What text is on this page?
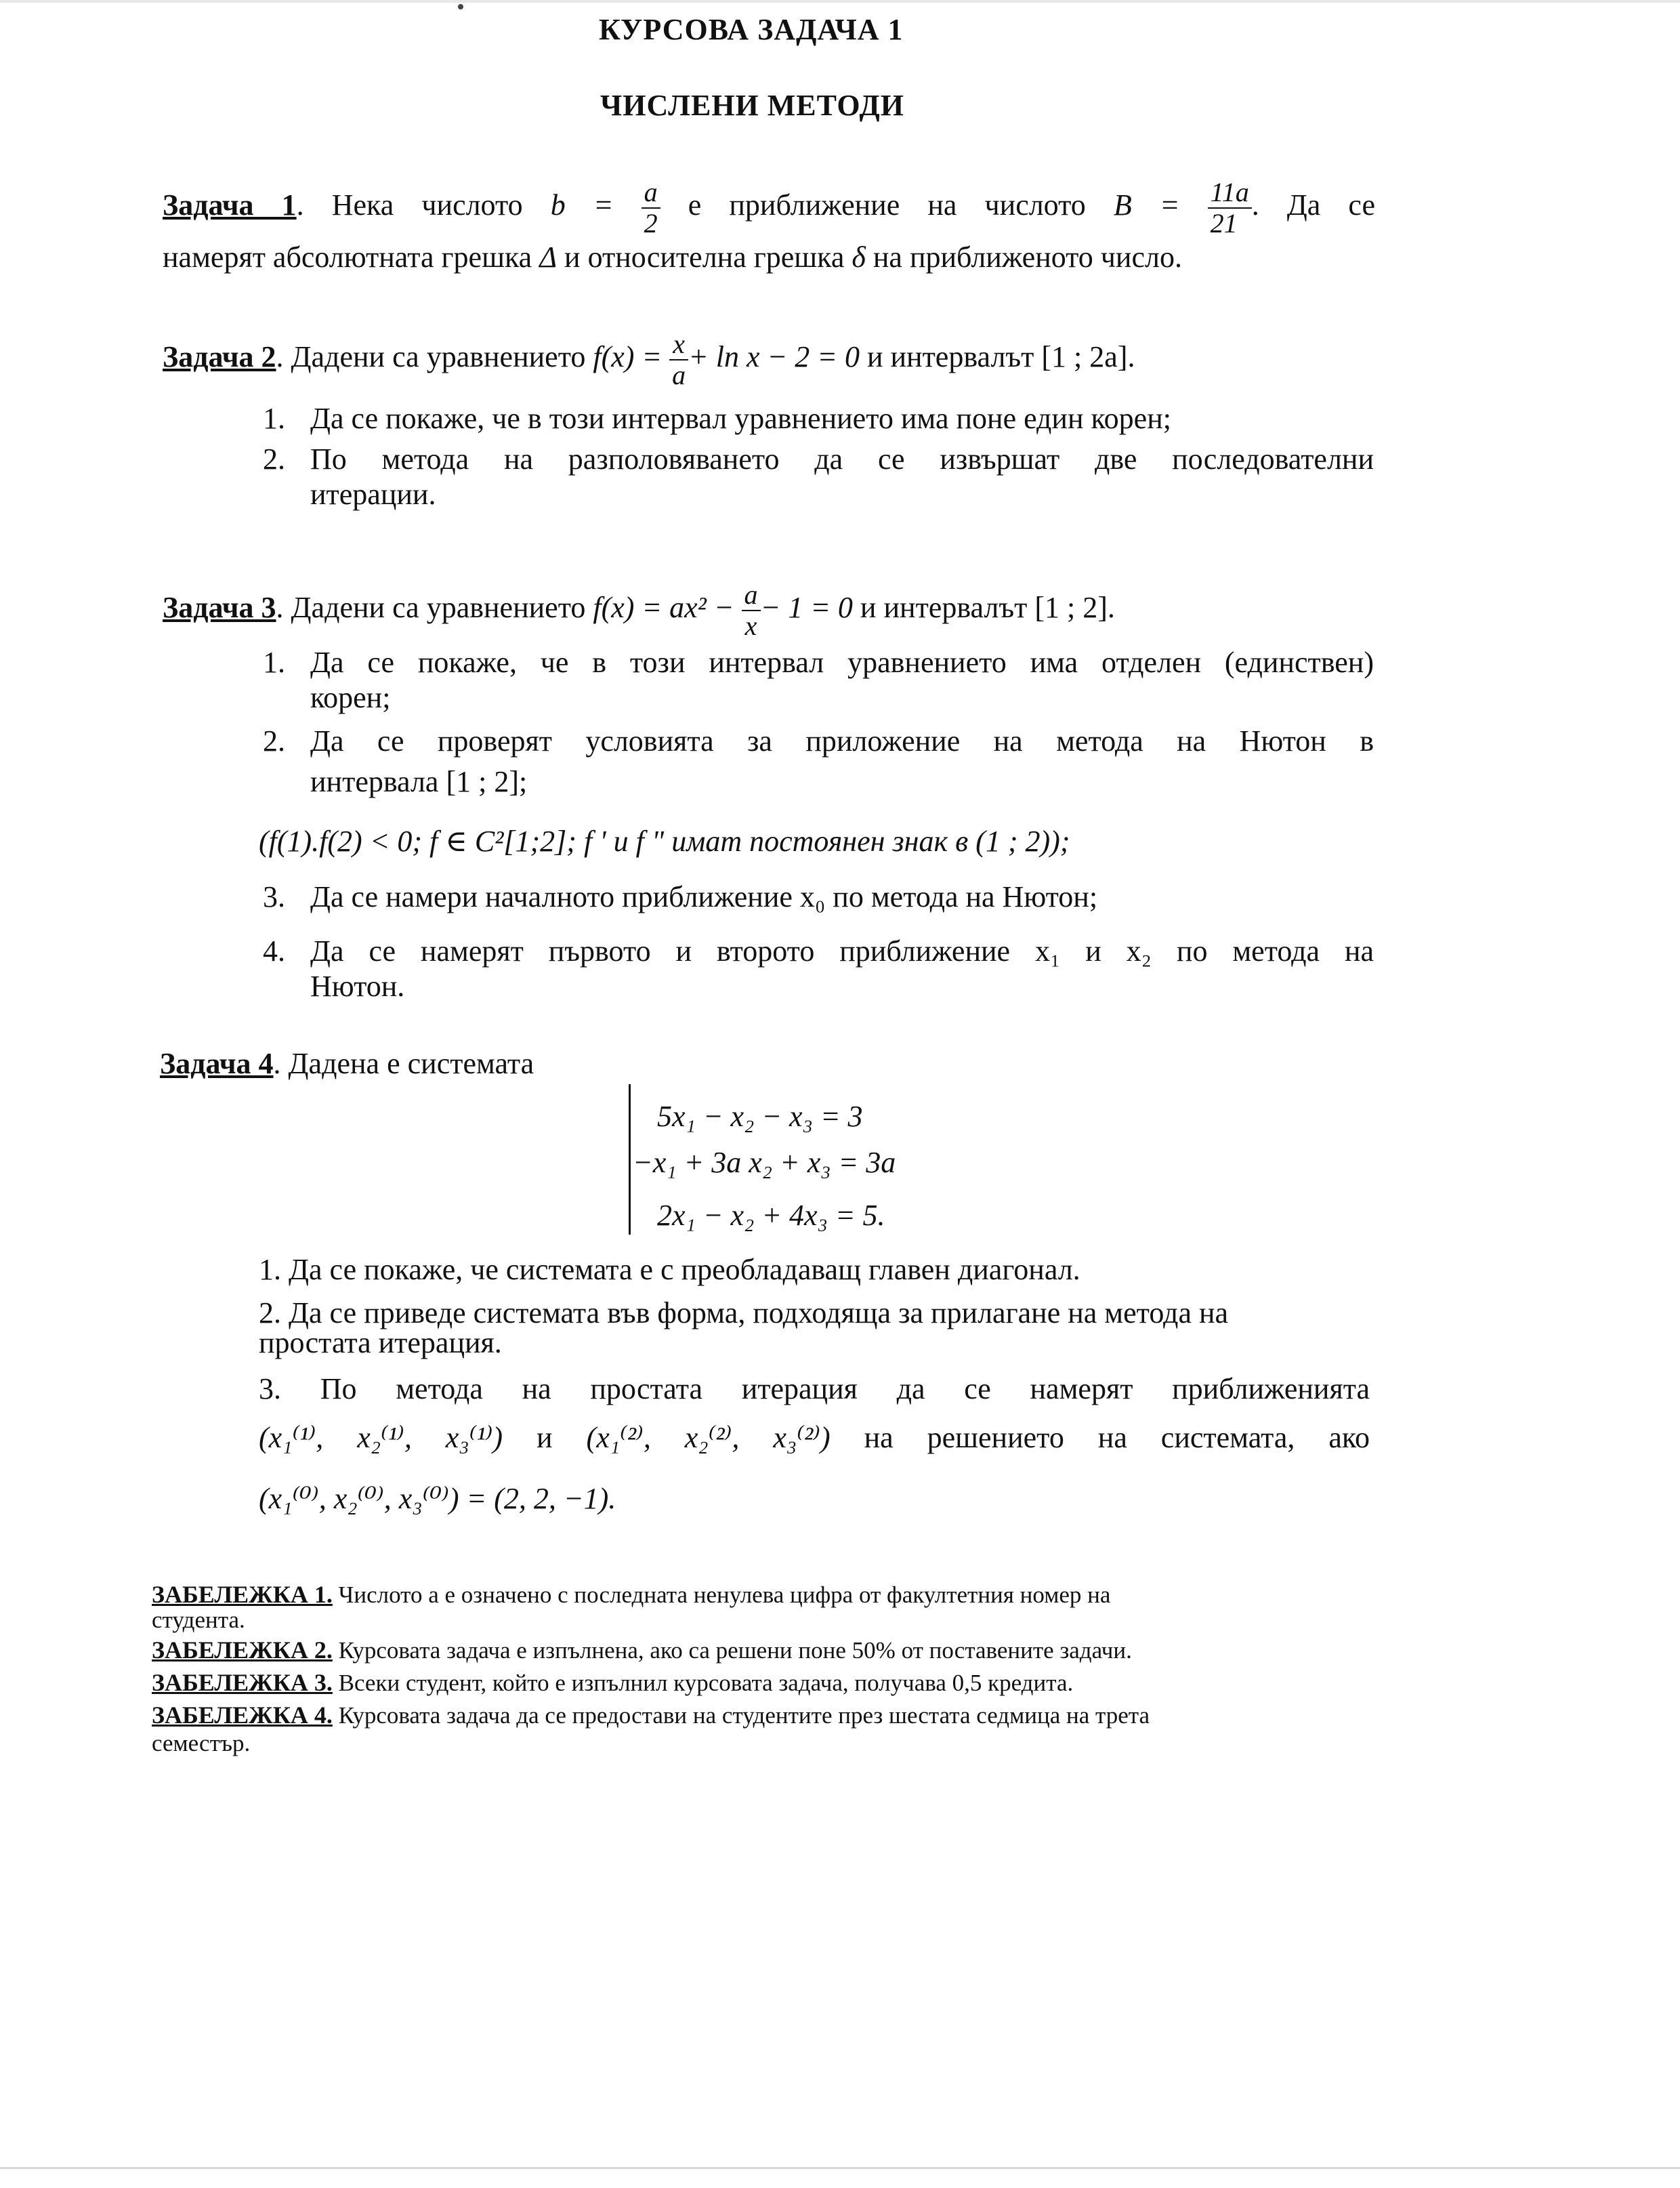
КУРСОВА ЗАДАЧА 1
ЧИСЛЕНИ МЕТОДИ
Задача 1. Нека числото $b = \frac{a}{2}$ е приближение на числото $B = \frac{11a}{21}$ . Да се
намерят абсолютната грешка Δ и относителна грешка δ на приближеното число.
Задача 2. Дадени са уравнението $f(x) = \frac{x}{a} + \ln x - 2 = 0$ и интервалът [1 ; 2a].
1. Да се покаже, че в този интервал уравнението има поне един корен;
2. По метода на разполовяването да се извършат две последователни
итерации.
Задача 3. Дадени са уравнението $f(x) = ax^2 - \frac{a}{x} - 1 = 0$ и интервалът [1 ; 2].
1. Да се покаже, че в този интервал уравнението има отделен (единствен)
корен;
2. Да се проверят условията за приложение на метода на Нютон в
интервала [1 ; 2];
(f(1).f(2) < 0; f ∈ C²[1;2]; f ' и f " имат постоянен знак в (1 ; 2));
3. Да се намери началното приближение x₀ по метода на Нютон;
4. Да се намерят първото и второто приближение x₁ и x₂ по метода на
Нютон.
Задача 4. Дадена е системата
5x₁ − x₂ − x₃ = 3
−x₁ + 3a x₂ + x₃ = 3a
2x₁ − x₂ + 4x₃ = 5.
1. Да се покаже, че системата е с преобладаващ главен диагонал.
2. Да се приведе системата във форма, подходяща за прилагане на метода на
простата итерация.
3. По метода на простата итерация да се намерят приближенията
(x₁⁽¹⁾, x₂⁽¹⁾, x₃⁽¹⁾) и (x₁⁽²⁾, x₂⁽²⁾, x₃⁽²⁾) на решението на системата, ако
(x₁⁽⁰⁾, x₂⁽⁰⁾, x₃⁽⁰⁾) = (2, 2, −1).
ЗАБЕЛЕЖКА 1. Числото a е означено с последната ненулева цифра от факултетния номер на
студента.
ЗАБЕЛЕЖКА 2. Курсовата задача е изпълнена, ако са решени поне 50% от поставените задачи.
ЗАБЕЛЕЖКА 3. Всеки студент, който е изпълнил курсовата задача, получава 0,5 кредита.
ЗАБЕЛЕЖКА 4. Курсовата задача да се предостави на студентите през шестата седмица на трета
семестър.
